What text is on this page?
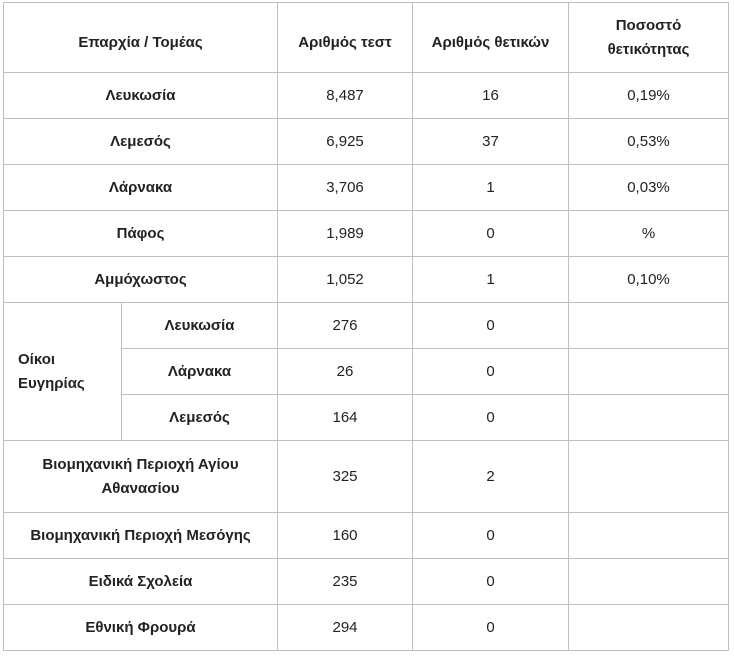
Επαρχία / Τομέας		Αριθμός τεστ	Αριθμός θετικών	Ποσοστό
θετικότητας
Λευκωσία		8,487	16	0,19%
Λεμεσός		6,925	37	0,53%
Λάρνακα		3,706	1	0,03%
Πάφος		1,989	0	%
Αμμόχωστος		1,052	1	0,10%
Οίκοι
Ευγηρίας	Λευκωσία	276	0	
	Λάρνακα	26	0	
	Λεμεσός	164	0	
Βιομηχανική Περιοχή Αγίου
Αθανασίου		325	2	
Βιομηχανική Περιοχή Μεσόγης		160	0	
Ειδικά Σχολεία		235	0	
Εθνική Φρουρά		294	0	
